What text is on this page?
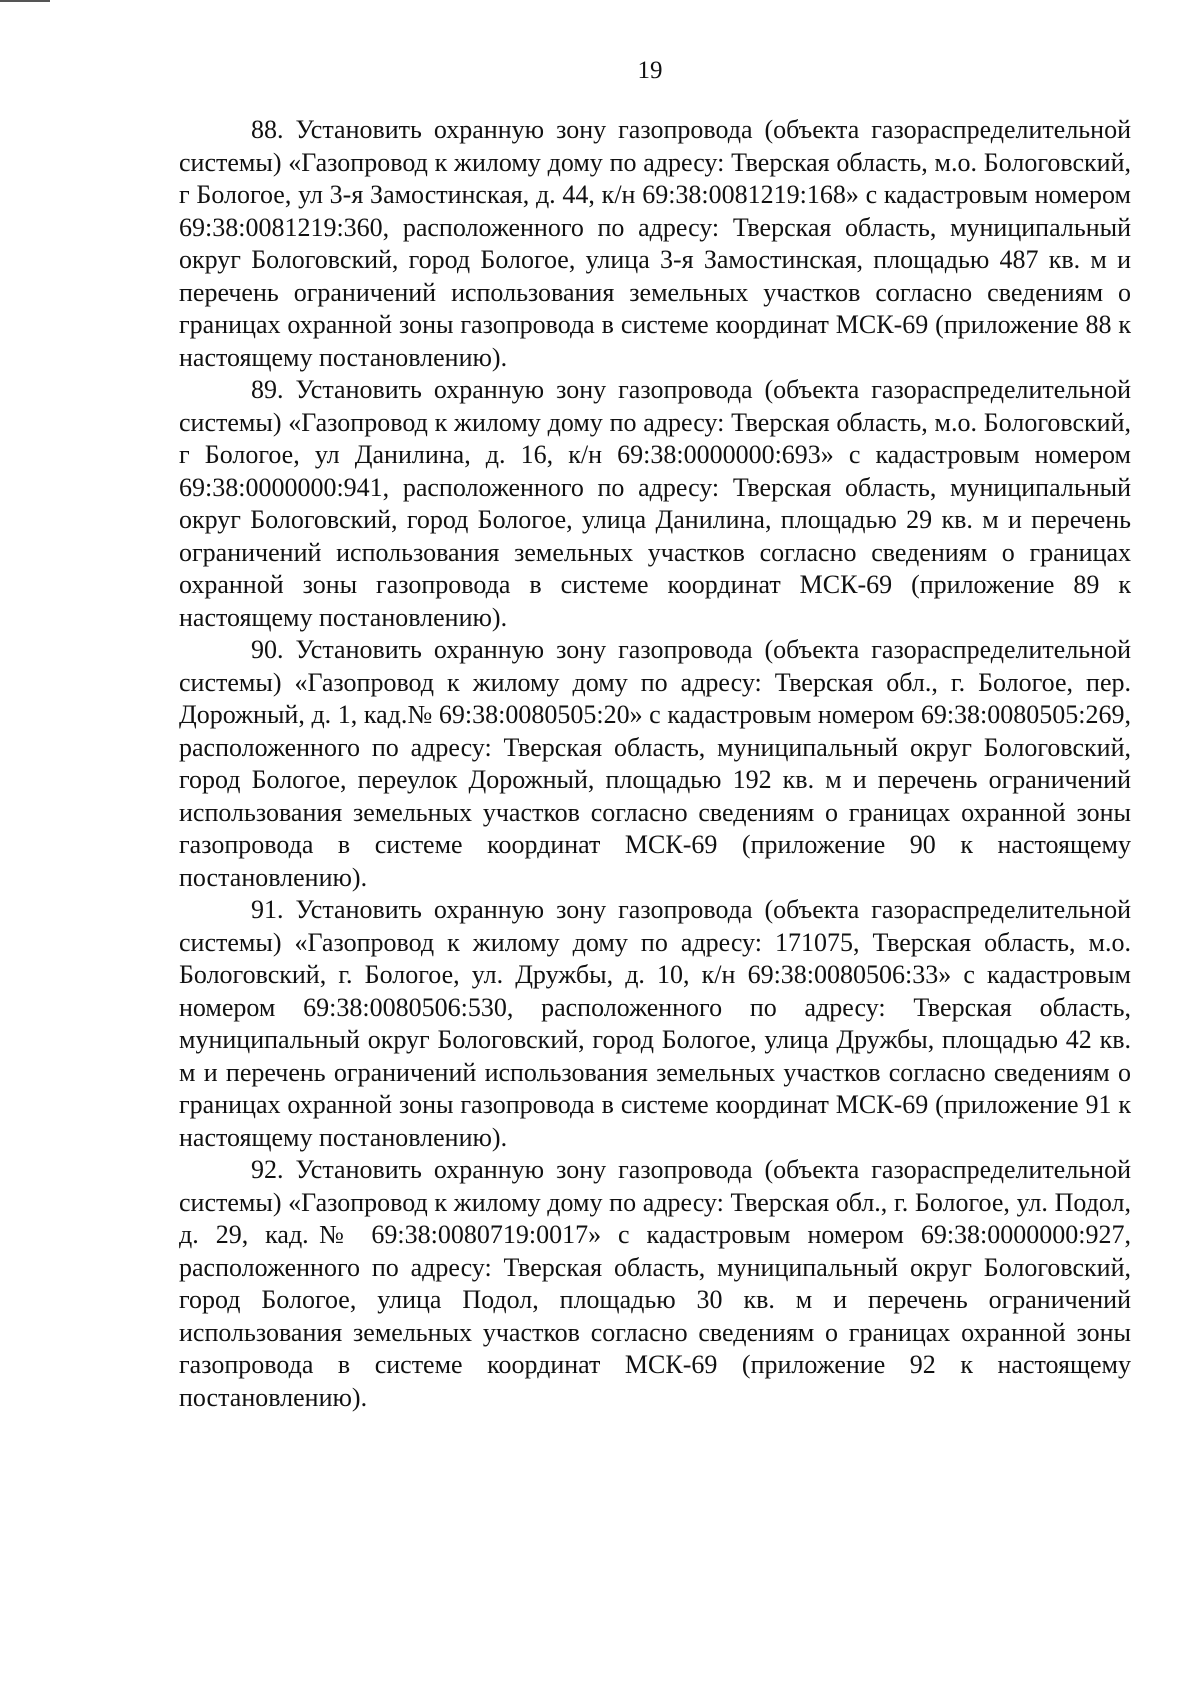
19

88. Установить охранную зону газопровода (объекта газораспределительной системы) «Газопровод к жилому дому по адресу: Тверская область, м.о. Бологовский, г Бологое, ул 3-я Замостинская, д. 44, к/н 69:38:0081219:168» с кадастровым номером 69:38:0081219:360, расположенного по адресу: Тверская область, муниципальный округ Бологовский, город Бологое, улица 3-я Замостинская, площадью 487 кв. м и перечень ограничений использования земельных участков согласно сведениям о границах охранной зоны газопровода в системе координат МСК-69 (приложение 88 к настоящему постановлению).

89. Установить охранную зону газопровода (объекта газораспределительной системы) «Газопровод к жилому дому по адресу: Тверская область, м.о. Бологовский, г Бологое, ул Данилина, д. 16, к/н 69:38:0000000:693» с кадастровым номером 69:38:0000000:941, расположенного по адресу: Тверская область, муниципальный округ Бологовский, город Бологое, улица Данилина, площадью 29 кв. м и перечень ограничений использования земельных участков согласно сведениям о границах охранной зоны газопровода в системе координат МСК-69 (приложение 89 к настоящему постановлению).

90. Установить охранную зону газопровода (объекта газораспределительной системы) «Газопровод к жилому дому по адресу: Тверская обл., г. Бологое, пер. Дорожный, д. 1, кад.№ 69:38:0080505:20» с кадастровым номером 69:38:0080505:269, расположенного по адресу: Тверская область, муниципальный округ Бологовский, город Бологое, переулок Дорожный, площадью 192 кв. м и перечень ограничений использования земельных участков согласно сведениям о границах охранной зоны газопровода в системе координат МСК-69 (приложение 90 к настоящему постановлению).

91. Установить охранную зону газопровода (объекта газораспределительной системы) «Газопровод к жилому дому по адресу: 171075, Тверская область, м.о. Бологовский, г. Бологое, ул. Дружбы, д. 10, к/н 69:38:0080506:33» с кадастровым номером 69:38:0080506:530, расположенного по адресу: Тверская область, муниципальный округ Бологовский, город Бологое, улица Дружбы, площадью 42 кв. м и перечень ограничений использования земельных участков согласно сведениям о границах охранной зоны газопровода в системе координат МСК-69 (приложение 91 к настоящему постановлению).

92. Установить охранную зону газопровода (объекта газораспределительной системы) «Газопровод к жилому дому по адресу: Тверская обл., г. Бологое, ул. Подол, д. 29, кад.№ 69:38:0080719:0017» с кадастровым номером 69:38:0000000:927, расположенного по адресу: Тверская область, муниципальный округ Бологовский, город Бологое, улица Подол, площадью 30 кв. м и перечень ограничений использования земельных участков согласно сведениям о границах охранной зоны газопровода в системе координат МСК-69 (приложение 92 к настоящему постановлению).
